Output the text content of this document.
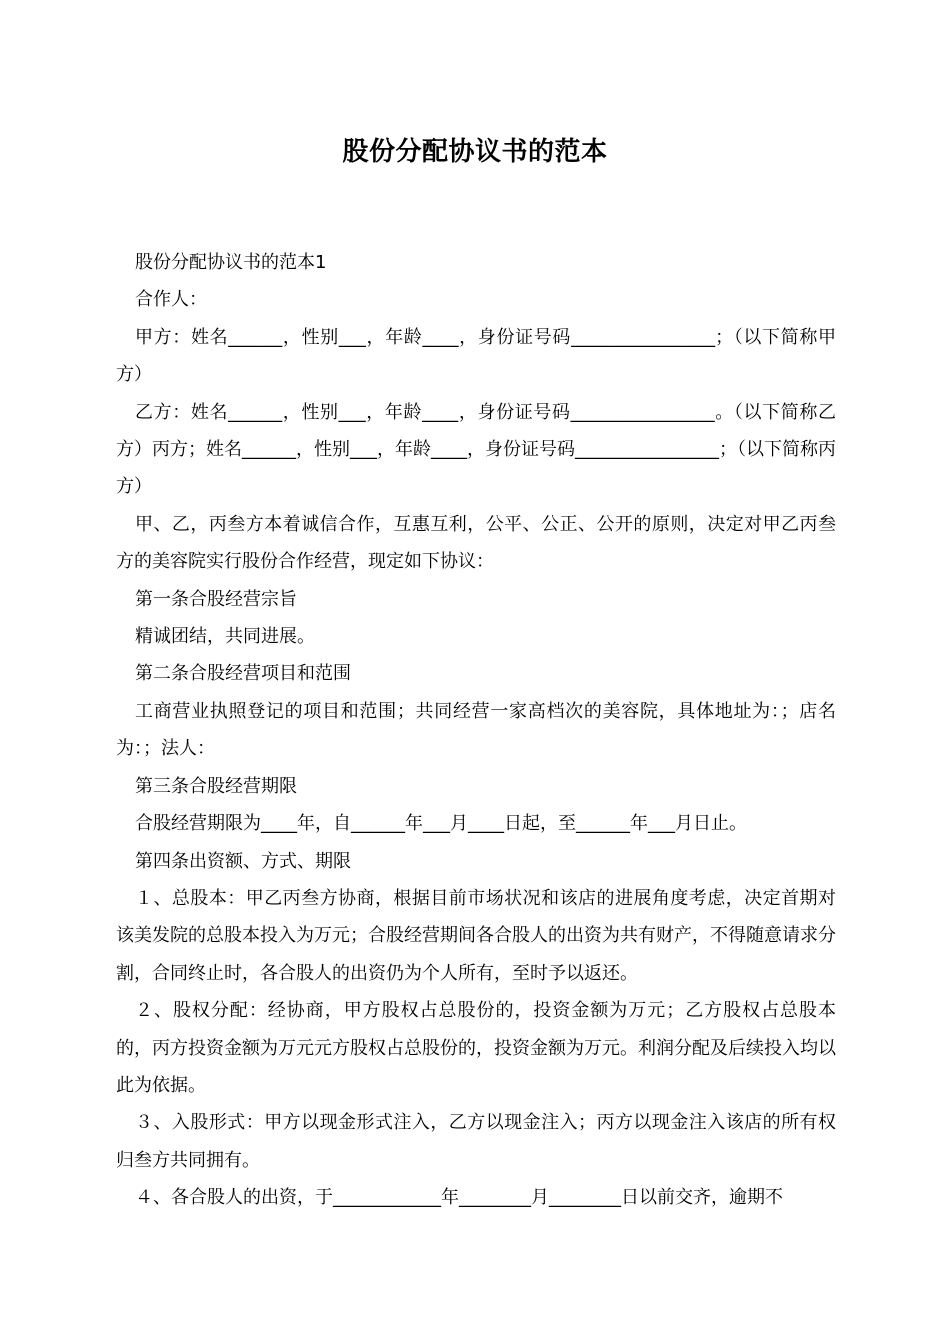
股份分配协议书的范本

股份分配协议书的范本1

合作人：

甲方：姓名______，性别___，年龄____，身份证号码________________；（以下简称甲方）

乙方：姓名______，性别___，年龄____，身份证号码________________。（以下简称乙方）丙方；姓名______，性别___，年龄____，身份证号码________________；（以下简称丙方）

甲、乙，丙叁方本着诚信合作，互惠互利，公平、公正、公开的原则，决定对甲乙丙叁方的美容院实行股份合作经营，现定如下协议：

第一条合股经营宗旨

精诚团结，共同进展。

第二条合股经营项目和范围

工商营业执照登记的项目和范围；共同经营一家高档次的美容院，具体地址为：；店名为：；法人：

第三条合股经营期限

合股经营期限为____年，自______年___月____日起，至______年___月日止。

第四条出资额、方式、期限

１、总股本：甲乙丙叁方协商，根据目前市场状况和该店的进展角度考虑，决定首期对该美发院的总股本投入为万元；合股经营期间各合股人的出资为共有财产，不得随意请求分割，合同终止时，各合股人的出资仍为个人所有，至时予以返还。

２、股权分配：经协商，甲方股权占总股份的，投资金额为万元；乙方股权占总股本的，丙方投资金额为万元元方股权占总股份的，投资金额为万元。利润分配及后续投入均以此为依据。

３、入股形式：甲方以现金形式注入，乙方以现金注入；丙方以现金注入该店的所有权归叁方共同拥有。

４、各合股人的出资，于____________年________月________日以前交齐，逾期不
